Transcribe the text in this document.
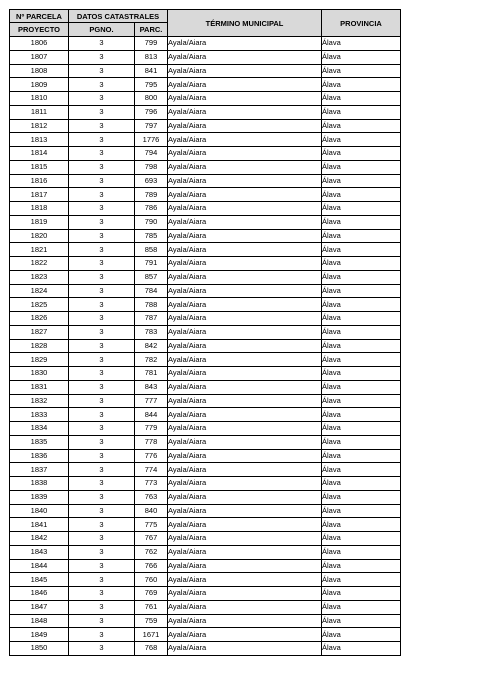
Nº PARCELA	DATOS CATASTRALES		TÉRMINO MUNICIPAL	PROVINCIA
PROYECTO	PGNO.	PARC.		
1806	3	799	Ayala/Aiara	Álava
1807	3	813	Ayala/Aiara	Álava
1808	3	841	Ayala/Aiara	Álava
1809	3	795	Ayala/Aiara	Álava
1810	3	800	Ayala/Aiara	Álava
1811	3	796	Ayala/Aiara	Álava
1812	3	797	Ayala/Aiara	Álava
1813	3	1776	Ayala/Aiara	Álava
1814	3	794	Ayala/Aiara	Álava
1815	3	798	Ayala/Aiara	Álava
1816	3	693	Ayala/Aiara	Álava
1817	3	789	Ayala/Aiara	Álava
1818	3	786	Ayala/Aiara	Álava
1819	3	790	Ayala/Aiara	Álava
1820	3	785	Ayala/Aiara	Álava
1821	3	858	Ayala/Aiara	Álava
1822	3	791	Ayala/Aiara	Álava
1823	3	857	Ayala/Aiara	Álava
1824	3	784	Ayala/Aiara	Álava
1825	3	788	Ayala/Aiara	Álava
1826	3	787	Ayala/Aiara	Álava
1827	3	783	Ayala/Aiara	Álava
1828	3	842	Ayala/Aiara	Álava
1829	3	782	Ayala/Aiara	Álava
1830	3	781	Ayala/Aiara	Álava
1831	3	843	Ayala/Aiara	Álava
1832	3	777	Ayala/Aiara	Álava
1833	3	844	Ayala/Aiara	Álava
1834	3	779	Ayala/Aiara	Álava
1835	3	778	Ayala/Aiara	Álava
1836	3	776	Ayala/Aiara	Álava
1837	3	774	Ayala/Aiara	Álava
1838	3	773	Ayala/Aiara	Álava
1839	3	763	Ayala/Aiara	Álava
1840	3	840	Ayala/Aiara	Álava
1841	3	775	Ayala/Aiara	Álava
1842	3	767	Ayala/Aiara	Álava
1843	3	762	Ayala/Aiara	Álava
1844	3	766	Ayala/Aiara	Álava
1845	3	760	Ayala/Aiara	Álava
1846	3	769	Ayala/Aiara	Álava
1847	3	761	Ayala/Aiara	Álava
1848	3	759	Ayala/Aiara	Álava
1849	3	1671	Ayala/Aiara	Álava
1850	3	768	Ayala/Aiara	Álava
